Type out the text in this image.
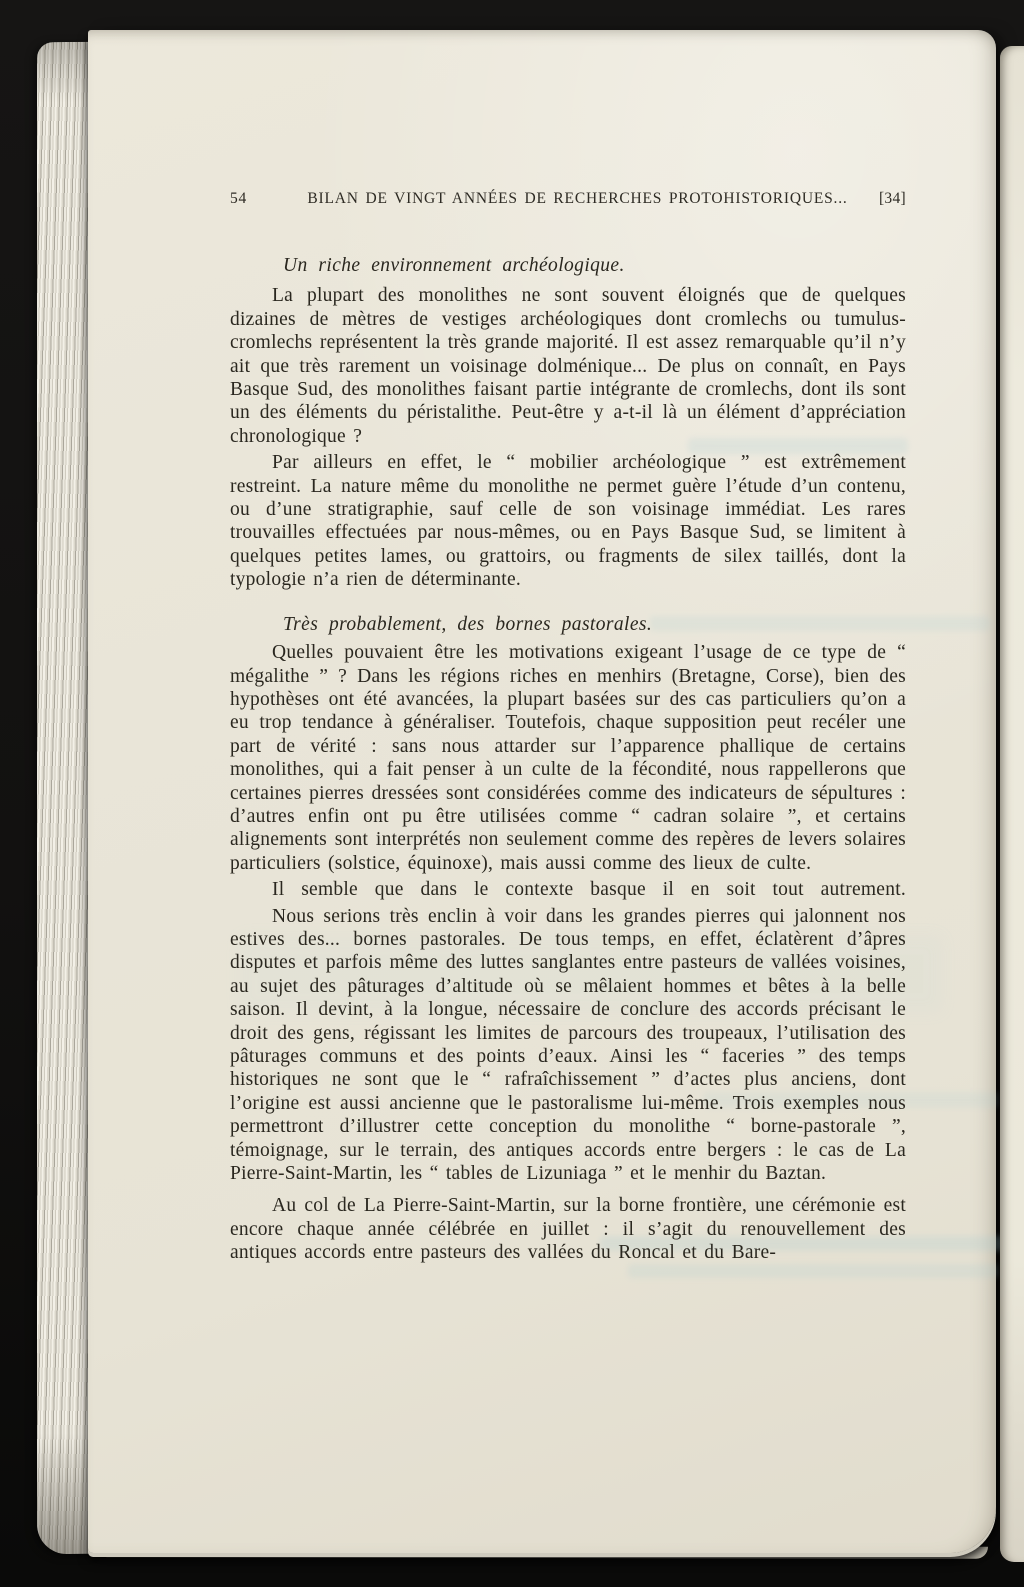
54	BILAN DE VINGT ANNÉES DE RECHERCHES PROTOHISTORIQUES...	[34]
Un riche environnement archéologique.

La plupart des monolithes ne sont souvent éloignés que de quelques dizaines de mètres de vestiges archéologiques dont cromlechs ou tumulus-cromlechs représentent la très grande majorité. Il est assez remarquable qu’il n’y ait que très rarement un voisinage dolménique... De plus on connaît, en Pays Basque Sud, des monolithes faisant partie intégrante de cromlechs, dont ils sont un des éléments du péristalithe. Peut-être y a-t-il là un élément d’appréciation chronologique ?

Par ailleurs en effet, le “ mobilier archéologique ” est extrêmement restreint. La nature même du monolithe ne permet guère l’étude d’un contenu, ou d’une stratigraphie, sauf celle de son voisinage immédiat. Les rares trouvailles effectuées par nous-mêmes, ou en Pays Basque Sud, se limitent à quelques petites lames, ou grattoirs, ou fragments de silex taillés, dont la typologie n’a rien de déterminante.

Très probablement, des bornes pastorales.

Quelles pouvaient être les motivations exigeant l’usage de ce type de “ mégalithe ” ? Dans les régions riches en menhirs (Bretagne, Corse), bien des hypothèses ont été avancées, la plupart basées sur des cas particuliers qu’on a eu trop tendance à généraliser. Toutefois, chaque supposition peut recéler une part de vérité : sans nous attarder sur l’apparence phallique de certains monolithes, qui a fait penser à un culte de la fécondité, nous rappellerons que certaines pierres dressées sont considérées comme des indicateurs de sépultures : d’autres enfin ont pu être utilisées comme “ cadran solaire ”, et certains alignements sont interprétés non seulement comme des repères de levers solaires particuliers (solstice, équinoxe), mais aussi comme des lieux de culte.

Il semble que dans le contexte basque il en soit tout autrement.

Nous serions très enclin à voir dans les grandes pierres qui jalonnent nos estives des... bornes pastorales. De tous temps, en effet, éclatèrent d’âpres disputes et parfois même des luttes sanglantes entre pasteurs de vallées voisines, au sujet des pâturages d’altitude où se mêlaient hommes et bêtes à la belle saison. Il devint, à la longue, nécessaire de conclure des accords précisant le droit des gens, régissant les limites de parcours des troupeaux, l’utilisation des pâturages communs et des points d’eaux. Ainsi les “ faceries ” des temps historiques ne sont que le “ rafraîchissement ” d’actes plus anciens, dont l’origine est aussi ancienne que le pastoralisme lui-même. Trois exemples nous permettront d’illustrer cette conception du monolithe “ borne-pastorale ”, témoignage, sur le terrain, des antiques accords entre bergers : le cas de La Pierre-Saint-Martin, les “ tables de Lizuniaga ” et le menhir du Baztan.

Au col de La Pierre-Saint-Martin, sur la borne frontière, une cérémonie est encore chaque année célébrée en juillet : il s’agit du renouvellement des antiques accords entre pasteurs des vallées du Roncal et du Bare-
